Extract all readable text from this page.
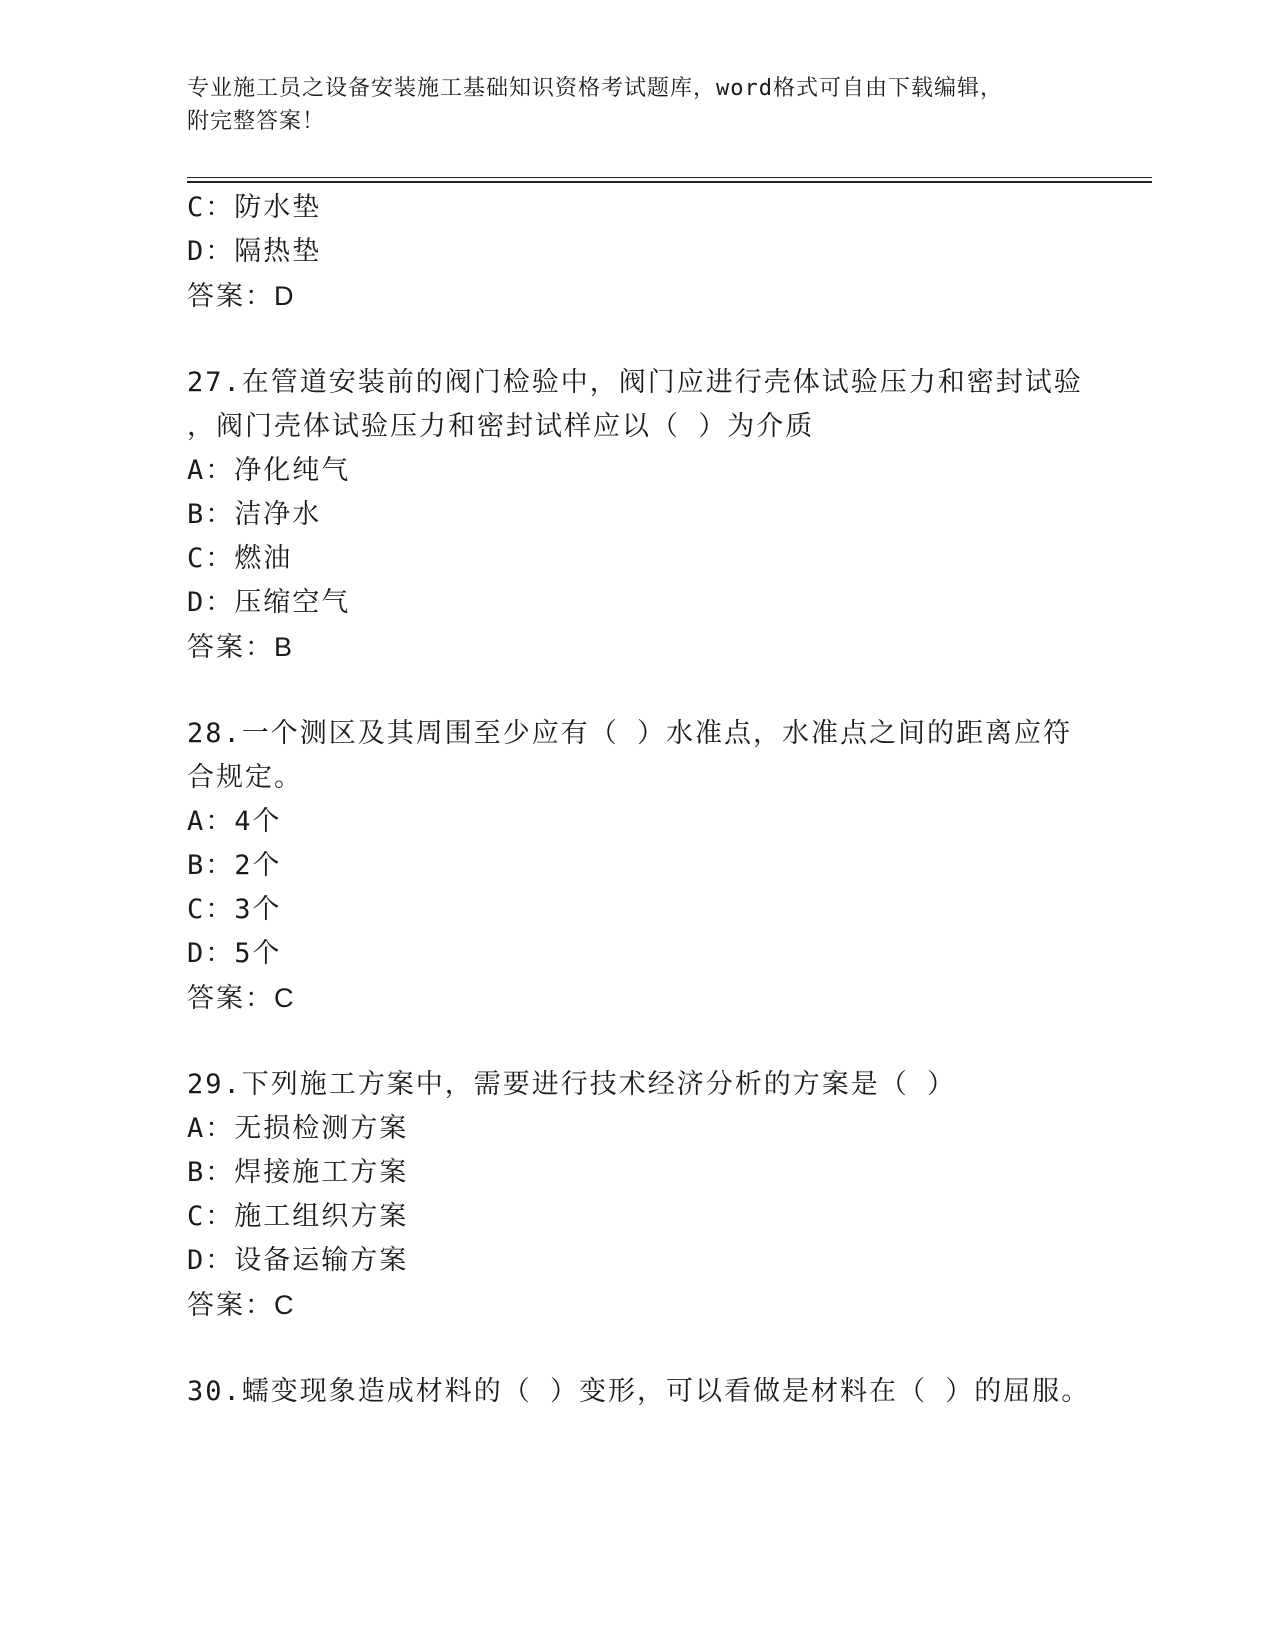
专业施工员之设备安装施工基础知识资格考试题库，word格式可自由下载编辑，
附完整答案！
C：防水垫
D：隔热垫
答案：D
27.在管道安装前的阀门检验中，阀门应进行壳体试验压力和密封试验
，阀门壳体试验压力和密封试样应以（ ）为介质
A：净化纯气
B：洁净水
C：燃油
D：压缩空气
答案：B
28.一个测区及其周围至少应有（ ）水准点，水准点之间的距离应符
合规定。
A：4个
B：2个
C：3个
D：5个
答案：C
29.下列施工方案中，需要进行技术经济分析的方案是（ ）
A：无损检测方案
B：焊接施工方案
C：施工组织方案
D：设备运输方案
答案：C
30.蠕变现象造成材料的（ ）变形，可以看做是材料在（ ）的屈服。
